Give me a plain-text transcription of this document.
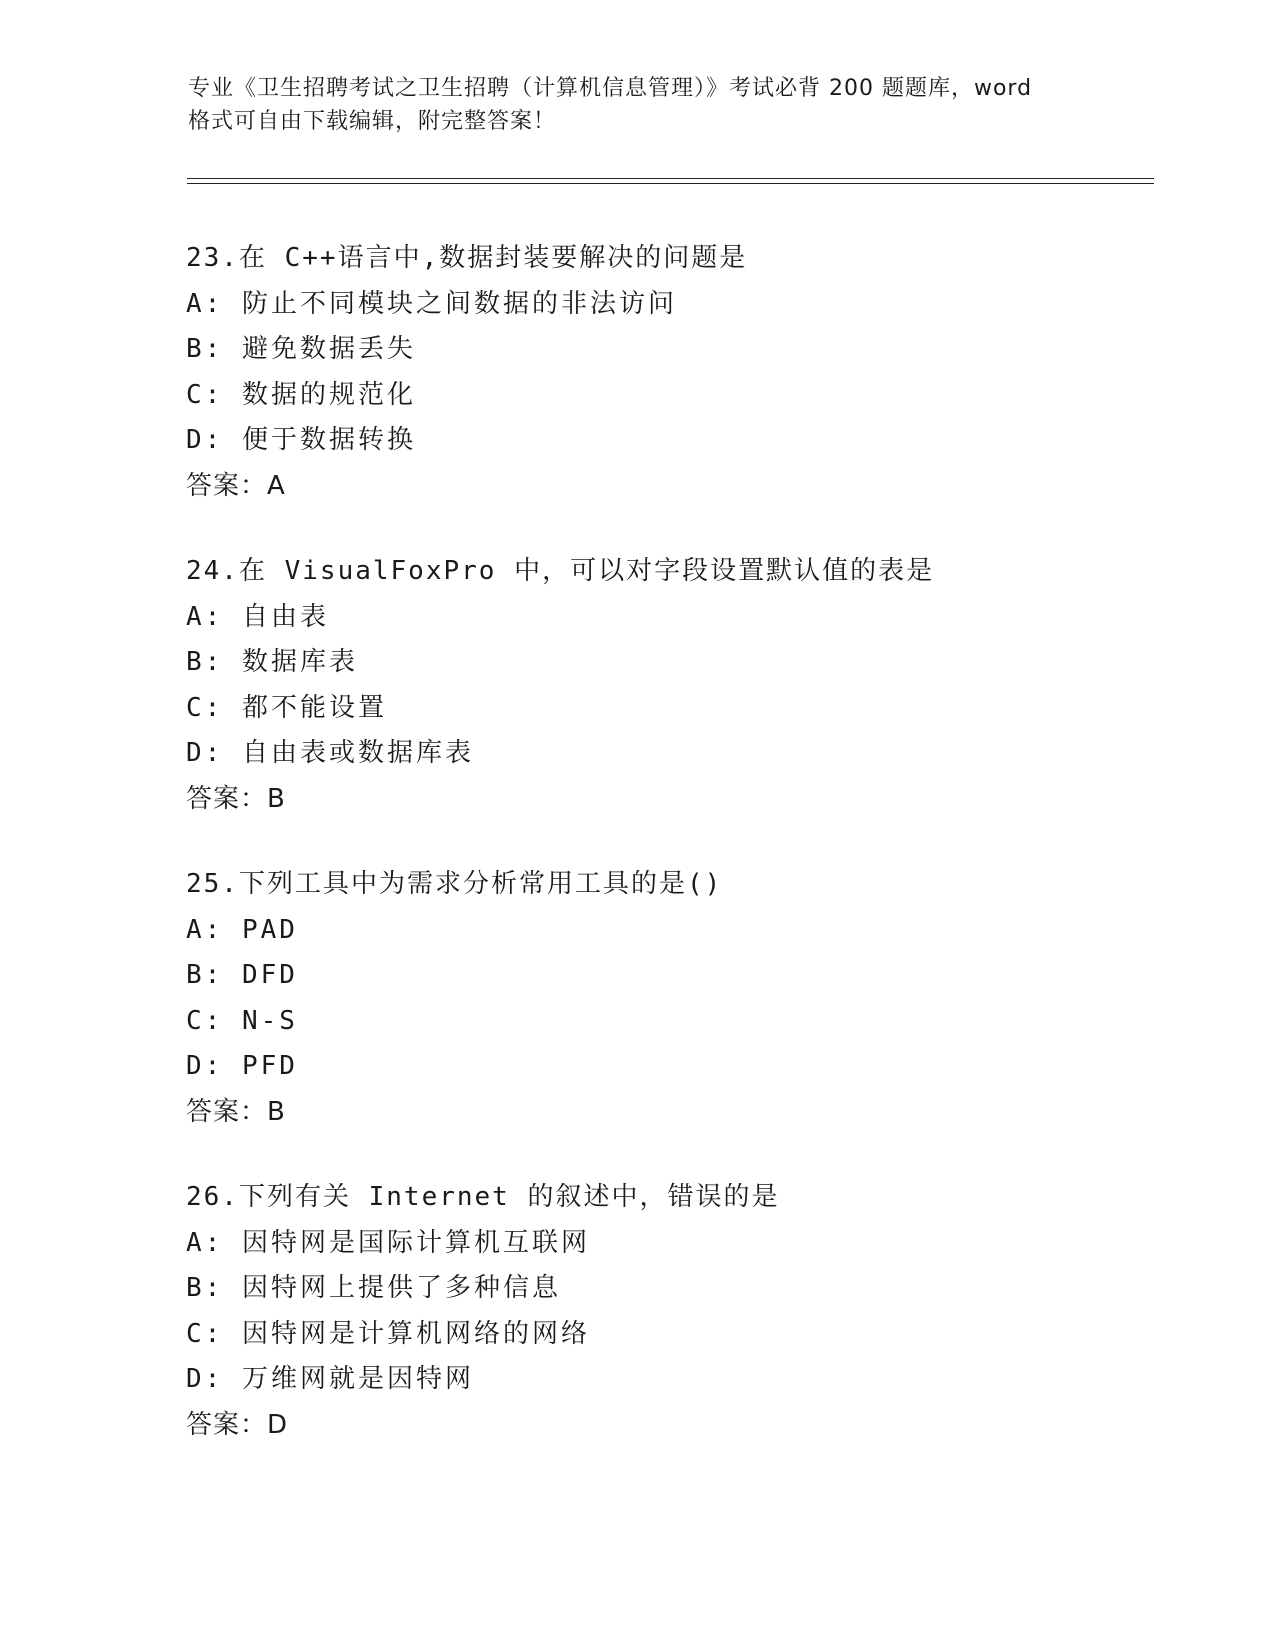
专业《卫生招聘考试之卫生招聘（计算机信息管理）》考试必背 200 题题库，word
格式可自由下载编辑，附完整答案！
23.在 C++语言中,数据封装要解决的问题是
A: 防止不同模块之间数据的非法访问
B: 避免数据丢失
C: 数据的规范化
D: 便于数据转换
答案：A
24.在 VisualFoxPro 中，可以对字段设置默认值的表是
A: 自由表
B: 数据库表
C: 都不能设置
D: 自由表或数据库表
答案：B
25.下列工具中为需求分析常用工具的是()
A: PAD
B: DFD
C: N-S
D: PFD
答案：B
26.下列有关 Internet 的叙述中，错误的是
A: 因特网是国际计算机互联网
B: 因特网上提供了多种信息
C: 因特网是计算机网络的网络
D: 万维网就是因特网
答案：D
